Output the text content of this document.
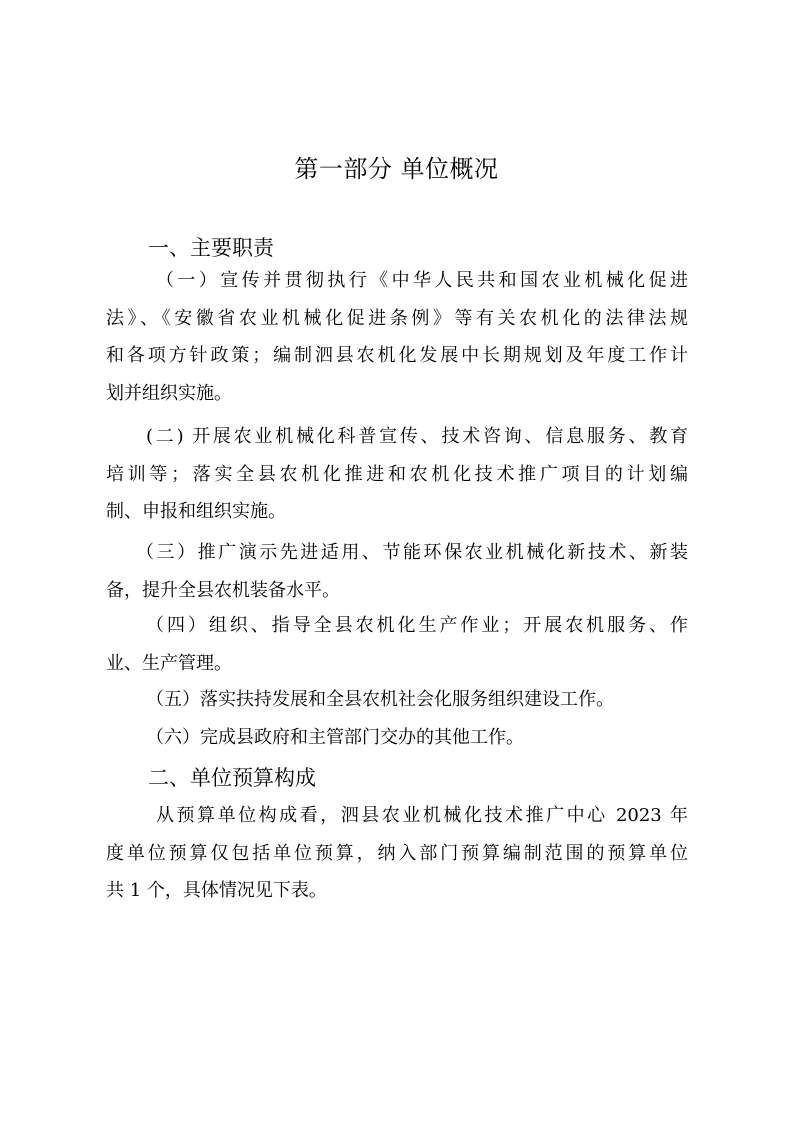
第一部分 单位概况
一、主要职责
（一）宣传并贯彻执行《中华人民共和国农业机械化促进
法》、《安徽省农业机械化促进条例》等有关农机化的法律法规
和各项方针政策；编制泗县农机化发展中长期规划及年度工作计
划并组织实施。
(二) 开展农业机械化科普宣传、技术咨询、信息服务、教育
培训等；落实全县农机化推进和农机化技术推广项目的计划编
制、申报和组织实施。
（三）推广演示先进适用、节能环保农业机械化新技术、新装
备，提升全县农机装备水平。
（四）组织、指导全县农机化生产作业；开展农机服务、作
业、生产管理。
（五）落实扶持发展和全县农机社会化服务组织建设工作。
（六）完成县政府和主管部门交办的其他工作。
二、单位预算构成
从预算单位构成看，泗县农业机械化技术推广中心 2023 年
度单位预算仅包括单位预算，纳入部门预算编制范围的预算单位
共 1 个，具体情况见下表。
